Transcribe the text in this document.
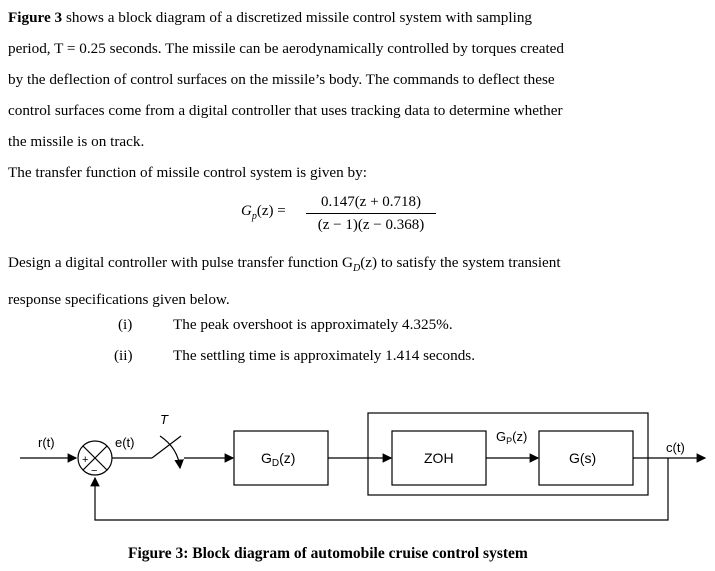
Figure 3 shows a block diagram of a discretized missile control system with sampling
period, T = 0.25 seconds. The missile can be aerodynamically controlled by torques created
by the deflection of control surfaces on the missile’s body. The commands to deflect these
control surfaces come from a digital controller that uses tracking data to determine whether
the missile is on track.
The transfer function of missile control system is given by:
$G_p(z)$ =
0.147(z + 0.718)
(z − 1)(z − 0.368)
Design a digital controller with pulse transfer function $G_D(z)$ to satisfy the system transient
response specifications given below.
(i)	The peak overshoot is approximately 4.325%.
(ii)	The settling time is approximately 1.414 seconds.
r(t)
+
−
e(t)
T
$G_D(z)$
$G_P(z)$
ZOH	G(s)
c(t)
Figure 3: Block diagram of automobile cruise control system
